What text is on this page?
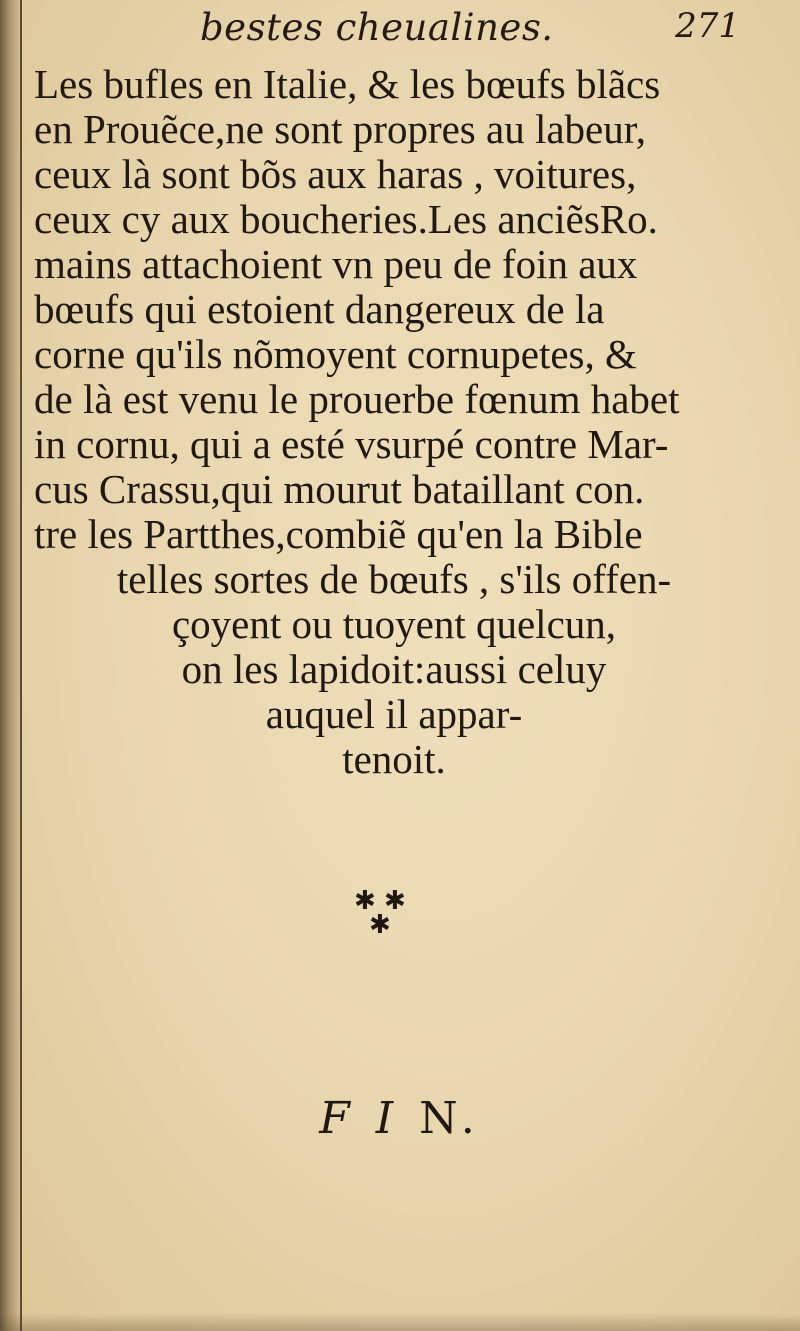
bestes cheualines.	271
Les bufles en Italie, & les bœufs blãcs
en Prouẽce,ne sont propres au labeur,
ceux là sont bõs aux haras , voitures,
ceux cy aux boucheries.Les anciẽsRo.
mains attachoient vn peu de foin aux
bœufs qui estoient dangereux de la
corne qu'ils nõmoyent cornupetes, &
de là est venu le prouerbe fœnum habet
in cornu, qui a esté vsurpé contre Mar-
cus Crassu,qui mourut bataillant con.
tre les Partthes,combiẽ qu'en la Bible
telles sortes de bœufs , s'ils offen-
çoyent ou tuoyent quelcun,
on les lapidoit:aussi celuy
auquel il appar-
tenoit.
✱ ✱
✱
F I N.
